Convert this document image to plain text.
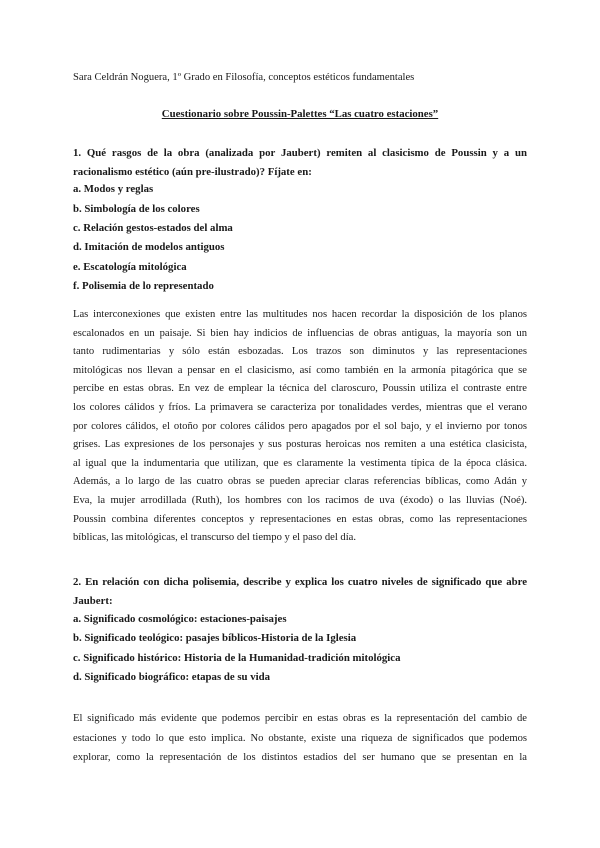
Sara Celdrán Noguera, 1º Grado en Filosofía, conceptos estéticos fundamentales
Cuestionario sobre Poussin-Palettes “Las cuatro estaciones”
1. Qué rasgos de la obra (analizada por Jaubert) remiten al clasicismo de Poussin y a un
racionalismo estético (aún pre-ilustrado)? Fíjate en:
a. Modos y reglas
b. Simbología de los colores
c. Relación gestos-estados del alma
d. Imitación de modelos antiguos
e. Escatología mitológica
f. Polisemia de lo representado
Las interconexiones que existen entre las multitudes nos hacen recordar la disposición de los planos
escalonados en un paisaje. Si bien hay indicios de influencias de obras antiguas, la mayoría son un
tanto rudimentarias y sólo están esbozadas. Los trazos son diminutos y las representaciones
mitológicas nos llevan a pensar en el clasicismo, así como también en la armonía pitagórica que se
percibe en estas obras. En vez de emplear la técnica del claroscuro, Poussin utiliza el contraste entre
los colores cálidos y fríos. La primavera se caracteriza por tonalidades verdes, mientras que el verano
por colores cálidos, el otoño por colores cálidos pero apagados por el sol bajo, y el invierno por tonos
grises. Las expresiones de los personajes y sus posturas heroicas nos remiten a una estética clasicista,
al igual que la indumentaria que utilizan, que es claramente la vestimenta típica de la época clásica.
Además, a lo largo de las cuatro obras se pueden apreciar claras referencias bíblicas, como Adán y
Eva, la mujer arrodillada (Ruth), los hombres con los racimos de uva (éxodo) o las lluvias (Noé).
Poussin combina diferentes conceptos y representaciones en estas obras, como las representaciones
bíblicas, las mitológicas, el transcurso del tiempo y el paso del día.
2. En relación con dicha polisemia, describe y explica los cuatro niveles de significado que abre
Jaubert:
a. Significado cosmológico: estaciones-paisajes
b. Significado teológico: pasajes bíblicos-Historia de la Iglesia
c. Significado histórico: Historia de la Humanidad-tradición mitológica
d. Significado biográfico: etapas de su vida
El significado más evidente que podemos percibir en estas obras es la representación del cambio de
estaciones y todo lo que esto implica. No obstante, existe una riqueza de significados que podemos
explorar, como la representación de los distintos estadios del ser humano que se presentan en la
